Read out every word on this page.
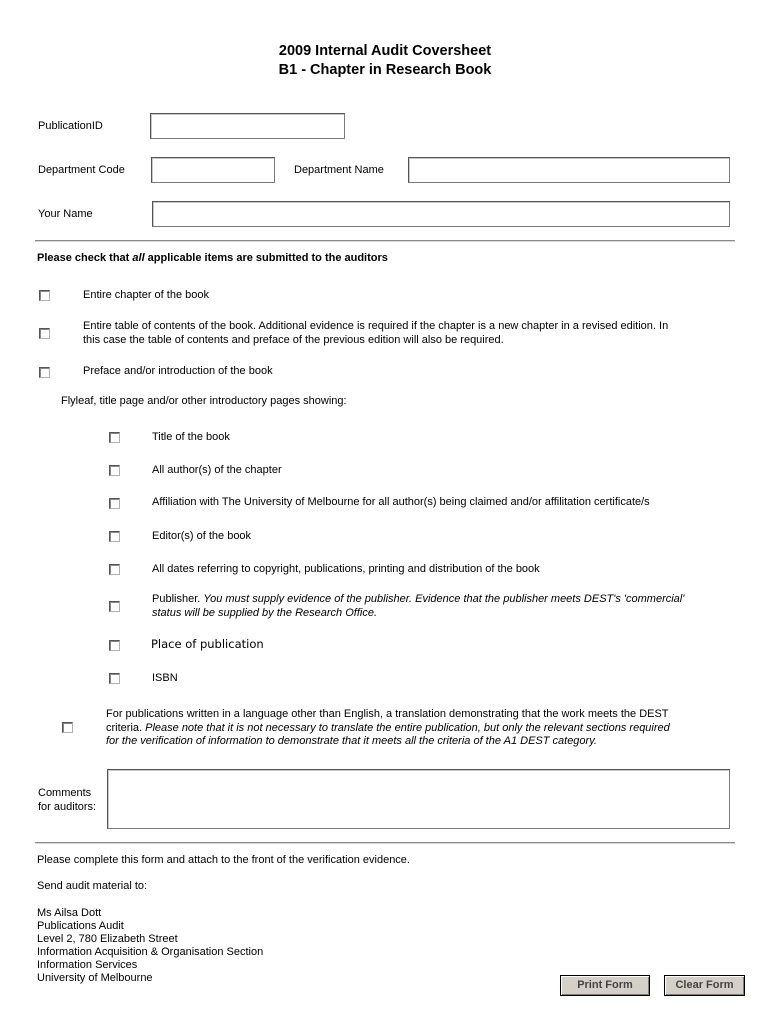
2009 Internal Audit Coversheet
B1 - Chapter in Research Book
PublicationID
Department Code	Department Name
Your Name
Please check that all applicable items are submitted to the auditors
Entire chapter of the book
Entire table of contents of the book. Additional evidence is required if the chapter is a new chapter in a revised edition. In
this case the table of contents and preface of the previous edition will also be required.
Preface and/or introduction of the book
Flyleaf, title page and/or other introductory pages showing:
Title of the book
All author(s) of the chapter
Affiliation with The University of Melbourne for all author(s) being claimed and/or affilitation certificate/s
Editor(s) of the book
All dates referring to copyright, publications, printing and distribution of the book
Publisher. You must supply evidence of the publisher. Evidence that the publisher meets DEST's 'commercial'
status will be supplied by the Research Office.
Place of publication
ISBN
For publications written in a language other than English, a translation demonstrating that the work meets the DEST
criteria. Please note that it is not necessary to translate the entire publication, but only the relevant sections required
for the verification of information to demonstrate that it meets all the criteria of the A1 DEST category.
Comments
for auditors:
Please complete this form and attach to the front of the verification evidence.
Send audit material to:
Ms Ailsa Dott
Publications Audit
Level 2, 780 Elizabeth Street
Information Acquisition & Organisation Section
Information Services
University of Melbourne
Print Form	Clear Form
